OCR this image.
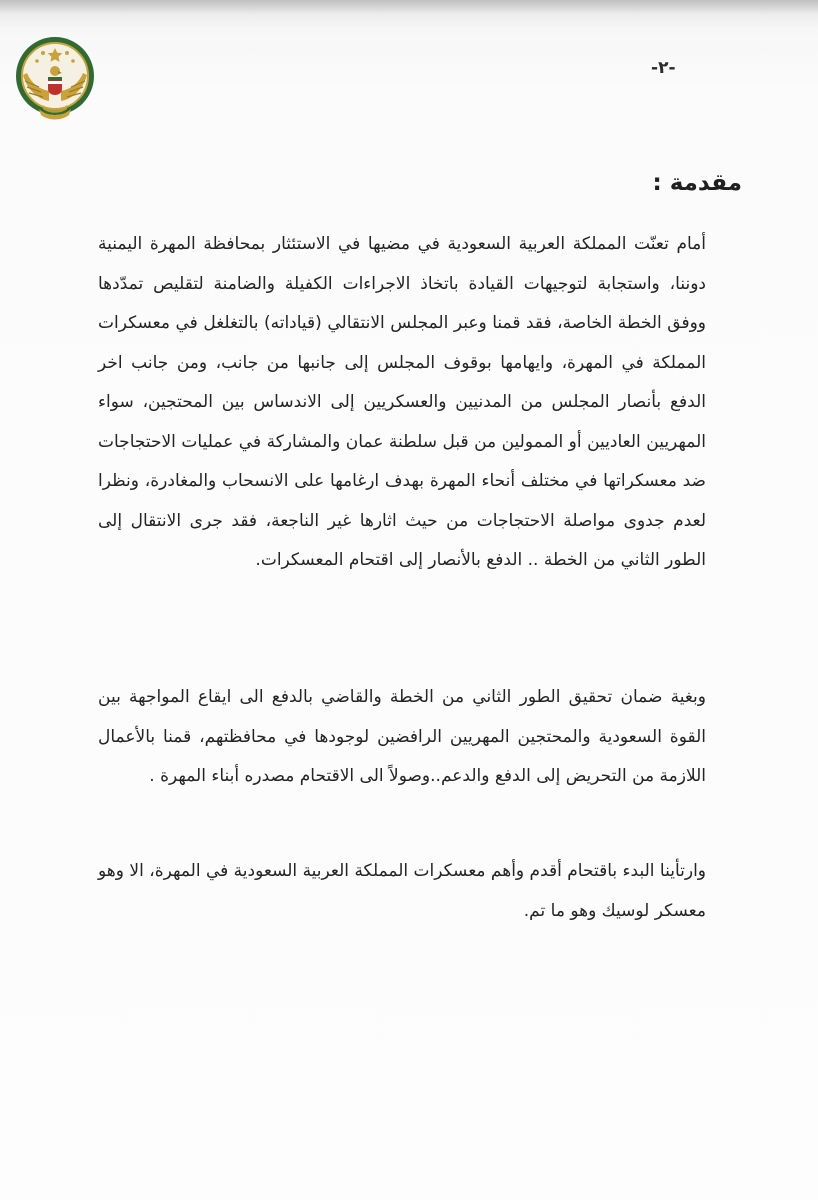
-٢-
مقدمة :

أمام تعنّت المملكة العربية السعودية في مضيها في الاستئثار بمحافظة المهرة اليمنية دوننا، واستجابة لتوجيهات القيادة باتخاذ الاجراءات الكفيلة والضامنة لتقليص تمدّدها ووفق الخطة الخاصة، فقد قمنا وعبر المجلس الانتقالي (قياداته) بالتغلغل في معسكرات المملكة في المهرة، وايهامها بوقوف المجلس إلى جانبها من جانب، ومن جانب اخر الدفع بأنصار المجلس من المدنيين والعسكريين إلى الاندساس بين المحتجين، سواء المهريين العاديين أو الممولين من قبل سلطنة عمان والمشاركة في عمليات الاحتجاجات ضد معسكراتها في مختلف أنحاء المهرة بهدف ارغامها على الانسحاب والمغادرة، ونظرا لعدم جدوى مواصلة الاحتجاجات من حيث اثارها غير الناجعة، فقد جرى الانتقال إلى الطور الثاني من الخطة .. الدفع بالأنصار إلى اقتحام المعسكرات.

وبغية ضمان تحقيق الطور الثاني من الخطة والقاضي بالدفع الى ايقاع المواجهة بين القوة السعودية والمحتجين المهريين الرافضين لوجودها في محافظتهم، قمنا بالأعمال اللازمة من التحريض إلى الدفع والدعم..وصولاً الى الاقتحام مصدره أبناء المهرة .

وارتأينا البدء باقتحام أقدم وأهم معسكرات المملكة العربية السعودية في المهرة، الا وهو معسكر لوسيك وهو ما تم.
